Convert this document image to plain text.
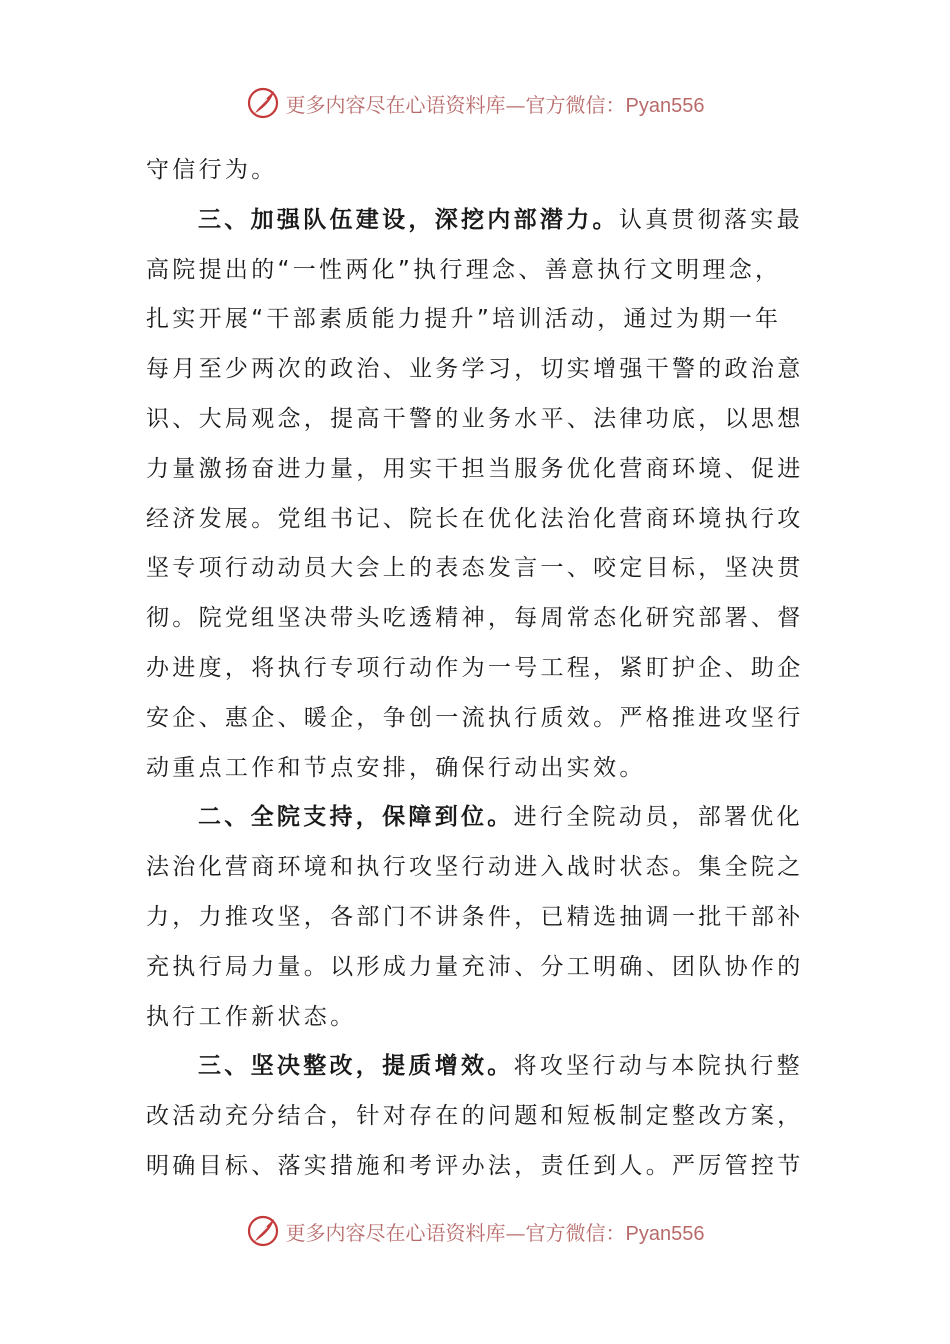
更多内容尽在心语资料库—官方微信：Pyan556
守信行为。
三、加强队伍建设，深挖内部潜力。认真贯彻落实最
高院提出的“一性两化”执行理念、善意执行文明理念，
扎实开展“干部素质能力提升”培训活动，通过为期一年
每月至少两次的政治、业务学习，切实增强干警的政治意
识、大局观念，提高干警的业务水平、法律功底，以思想
力量激扬奋进力量，用实干担当服务优化营商环境、促进
经济发展。党组书记、院长在优化法治化营商环境执行攻
坚专项行动动员大会上的表态发言一、咬定目标，坚决贯
彻。院党组坚决带头吃透精神，每周常态化研究部署、督
办进度，将执行专项行动作为一号工程，紧盯护企、助企
安企、惠企、暖企，争创一流执行质效。严格推进攻坚行
动重点工作和节点安排，确保行动出实效。
二、全院支持，保障到位。进行全院动员，部署优化
法治化营商环境和执行攻坚行动进入战时状态。集全院之
力，力推攻坚，各部门不讲条件，已精选抽调一批干部补
充执行局力量。以形成力量充沛、分工明确、团队协作的
执行工作新状态。
三、坚决整改，提质增效。将攻坚行动与本院执行整
改活动充分结合，针对存在的问题和短板制定整改方案，
明确目标、落实措施和考评办法，责任到人。严厉管控节
更多内容尽在心语资料库—官方微信：Pyan556
